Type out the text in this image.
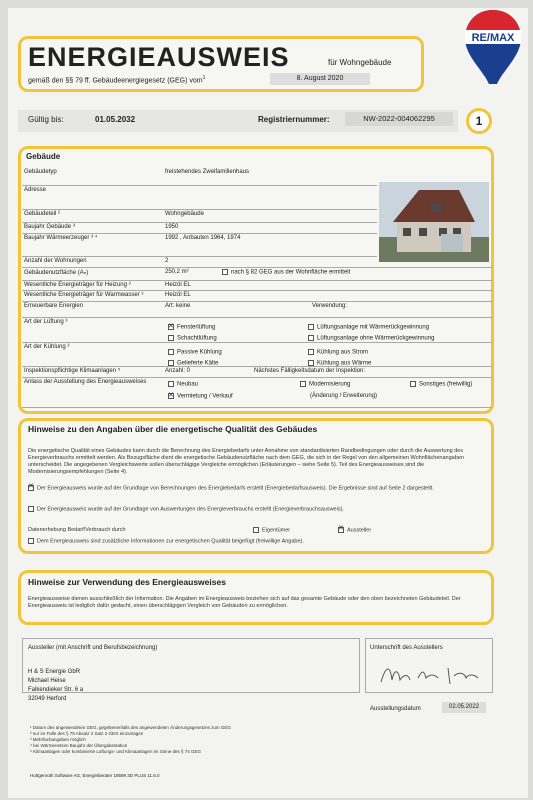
RE/MAX
ENERGIEAUSWEIS	für Wohngebäude
gemäß den §§ 79 ff. Gebäudeenergiegesetz (GEG) vom$^1$	8. August 2020
Gültig bis:	01.05.2032	Registriernummer:	NW-2022-004062295	1
Gebäude
Gebäudetyp	freistehendes Zweifamilienhaus
Adresse
Gebäudeteil ²	Wohngebäude
Baujahr Gebäude ³	1950
Baujahr Wärmeerzeuger ³ ⁴	1992 , Anbauten 1964, 1974
Anzahl der Wohnungen	2
Gebäudenutzfläche (Aₙ)	250,2 m²
Wesentliche Energieträger für Heizung ³	Heizöl EL
Wesentliche Energieträger für Warmwasser ³	Heizöl EL
Erneuerbare Energien	Art: keine
Art der Lüftung ³
Art der Kühlung ³
Inspektionspflichtige Klimaanlagen ⁵	Anzahl: 0
Anlass der Ausstellung des Energieausweises
nach § 82 GEG aus der Wohnfläche ermittelt
Verwendung:
Nächstes Fälligkeitsdatum der Inspektion:
✕Fensterlüftung
Schachtlüftung
Lüftungsanlage mit Wärmerückgewinnung
Lüftungsanlage ohne Wärmerückgewinnung
Passive Kühlung
Gelieferte Kälte
Kühlung aus Strom
Kühlung aus Wärme
Neubau
✕Vermietung / Verkauf
Modernisierung
(Änderung / Erweiterung)
Sonstiges (freiwillig)
Hinweise zu den Angaben über die energetische Qualität des Gebäudes
Die energetische Qualität eines Gebäudes kann durch die Berechnung des Energiebedarfs unter Annahme von standardisierten Randbedingungen oder durch die Auswertung des Energieverbrauchs ermittelt werden. Als Bezugsfläche dient die energetische Gebäudenutzfläche nach dem GEG, die sich in der Regel von den allgemeinen Wohnflächenangaben unterscheidet. Die angegebenen Vergleichswerte sollen überschlägige Vergleiche ermöglichen (Erläuterungen – siehe Seite 5). Teil des Energieausweises sind die Modernisierungsempfehlungen (Seite 4).
✕Der Energieausweis wurde auf der Grundlage von Berechnungen des Energiebedarfs erstellt (Energiebedarfsausweis). Die Ergebnisse sind auf Seite 2 dargestellt.
Der Energieausweis wurde auf der Grundlage von Auswertungen des Energieverbrauchs erstellt (Energieverbrauchsausweis).
Datenerhebung Bedarf/Verbrauch durch	Eigentümer
✕	Aussteller
Dem Energieausweis sind zusätzliche Informationen zur energetischen Qualität beigefügt (freiwillige Angabe).
Hinweise zur Verwendung des Energieausweises
Energieausweise dienen ausschließlich der Information. Die Angaben im Energieausweis beziehen sich auf das gesamte Gebäude oder den oben bezeichneten Gebäudeteil. Der Energieausweis ist lediglich dafür gedacht, einen überschlägigen Vergleich von Gebäuden zu ermöglichen.
Aussteller (mit Anschrift und Berufsbezeichnung)
H & S Energie GbR
Michael Heise
Falkendieker Str. 6 a
32049 Herford
Unterschrift des Ausstellers
Ausstellungsdatum	02.05.2022
¹ Datum des angewendeten GEG, gegebenenfalls des angewendeten Änderungsgesetzes zum GEG
² nur im Falle des § 79 Absatz 2 Satz 2 GEG einzutragen
³ Mehrfachangaben möglich
⁴ bei Wärmenetzen Baujahr der Übergabestation
⁵ Klimaanlagen oder kombinierte Lüftungs- und Klimaanlagen im Sinne des § 74 GEG
Hottgenroth Software AG, Energieberater 18599 3D PLUS 11.6.0
